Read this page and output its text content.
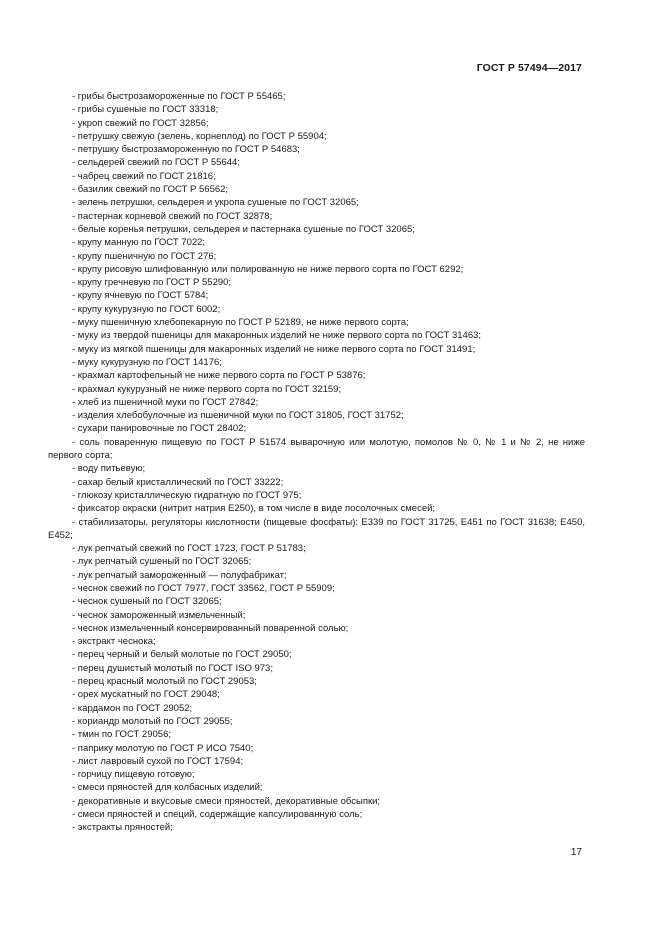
ГОСТ Р 57494—2017
- грибы быстрозамороженные по ГОСТ Р 55465;
- грибы сушеные по ГОСТ 33318;
- укроп свежий по ГОСТ 32856;
- петрушку свежую (зелень, корнеплод) по ГОСТ Р 55904;
- петрушку быстрозамороженную по ГОСТ Р 54683;
- сельдерей свежий по ГОСТ Р 55644;
- чабрец свежий по ГОСТ 21816;
- базилик свежий по ГОСТ Р 56562;
- зелень петрушки, сельдерея и укропа сушеные по ГОСТ 32065;
- пастернак корневой свежий по ГОСТ 32878;
- белые коренья петрушки, сельдерея и пастернака сушеные по ГОСТ 32065;
- крупу манную по ГОСТ 7022;
- крупу пшеничную по ГОСТ 276;
- крупу рисовую шлифованную или полированную не ниже первого сорта по ГОСТ 6292;
- крупу гречневую по ГОСТ Р 55290;
- крупу ячневую по ГОСТ 5784;
- крупу кукурузную по ГОСТ 6002;
- муку пшеничную хлебопекарную по ГОСТ Р 52189, не ниже первого сорта;
- муку из твердой пшеницы для макаронных изделий не ниже первого сорта по ГОСТ 31463;
- муку из мягкой пшеницы для макаронных изделий не ниже первого сорта по ГОСТ 31491;
- муку кукурузную по ГОСТ 14176;
- крахмал картофельный не ниже первого сорта по ГОСТ Р 53876;
- крахмал кукурузный не ниже первого сорта по ГОСТ 32159;
- хлеб из пшеничной муки по ГОСТ 27842;
- изделия хлебобулочные из пшеничной муки по ГОСТ 31805, ГОСТ 31752;
- сухари панировочные по ГОСТ 28402;
- соль поваренную пищевую по ГОСТ Р 51574 выварочную или молотую, помолов № 0, № 1 и № 2, не ниже первого сорта;
- воду питьевую;
- сахар белый кристаллический по ГОСТ 33222;
- глюкозу кристаллическую гидратную по ГОСТ 975;
- фиксатор окраски (нитрит натрия Е250), в том числе в виде посолочных смесей;
- стабилизаторы, регуляторы кислотности (пищевые фосфаты): Е339 по ГОСТ 31725, Е451 по ГОСТ 31638; Е450, Е452;
- лук репчатый свежий по ГОСТ 1723, ГОСТ Р 51783;
- лук репчатый сушеный по ГОСТ 32065;
- лук репчатый замороженный — полуфабрикат;
- чеснок свежий по ГОСТ 7977, ГОСТ 33562, ГОСТ Р 55909;
- чеснок сушеный по ГОСТ 32065;
- чеснок замороженный измельченный;
- чеснок измельченный консервированный поваренной солью;
- экстракт чеснока;
- перец черный и белый молотые по ГОСТ 29050;
- перец душистый молотый по ГОСТ ISO 973;
- перец красный молотый по ГОСТ 29053;
- орех мускатный по ГОСТ 29048;
- кардамон по ГОСТ 29052;
- кориандр молотый по ГОСТ 29055;
- тмин по ГОСТ 29056;
- паприку молотую по ГОСТ Р ИСО 7540;
- лист лавровый сухой по ГОСТ 17594;
- горчицу пищевую готовую;
- смеси пряностей для колбасных изделий;
- декоративные и вкусовые смеси пряностей, декоративные обсыпки;
- смеси пряностей и специй, содержащие капсулированную соль;
- экстракты пряностей;
17
